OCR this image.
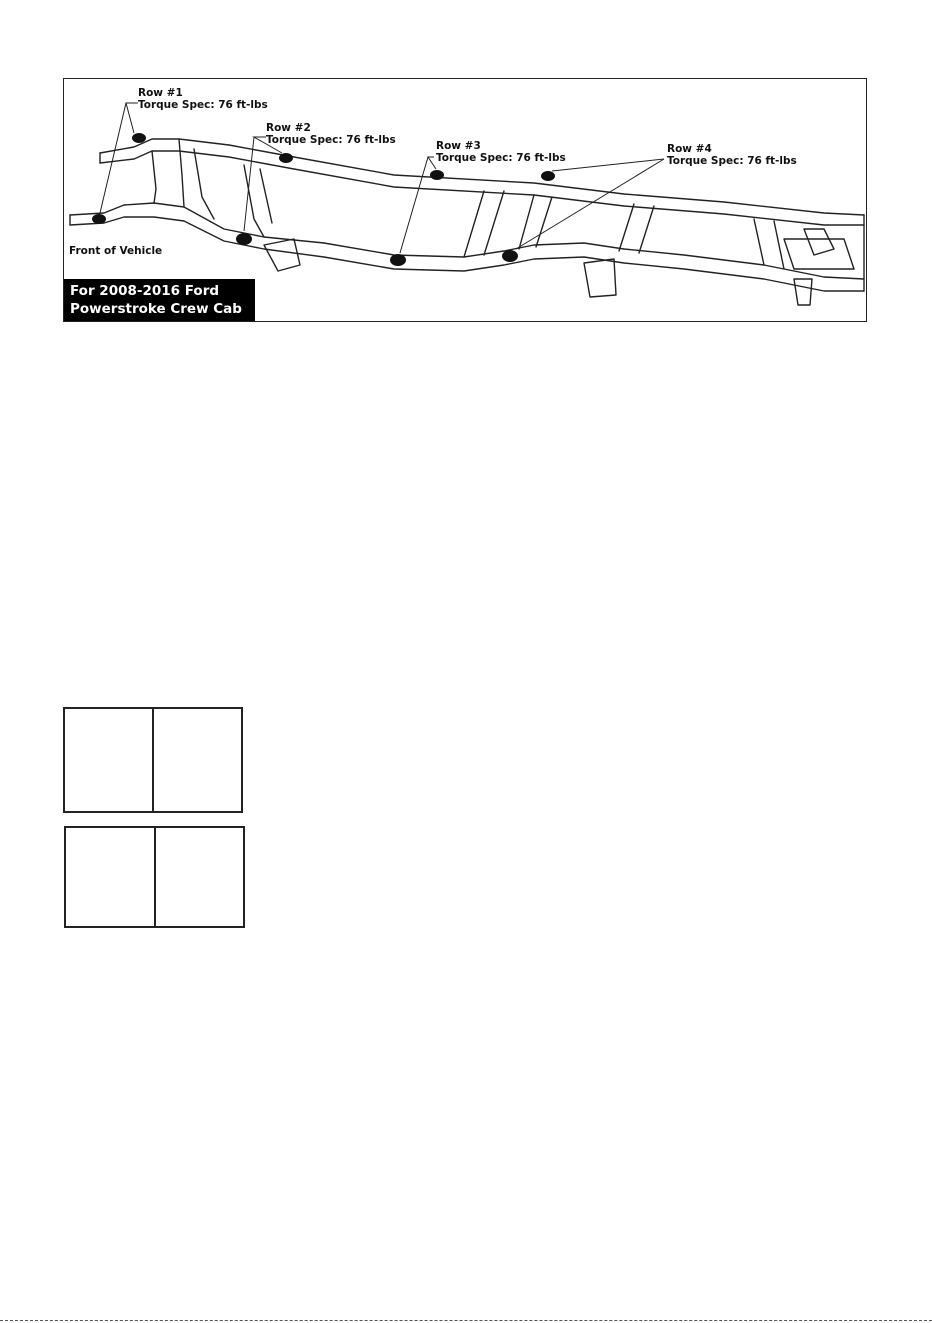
Row #1
Torque Spec: 76 ft-lbs
Row #2
Torque Spec: 76 ft-lbs	Row #3
Torque Spec: 76 ft-lbs
Row #4
Torque Spec: 76 ft-lbs
Front of Vehicle
For 2008-2016 Ford
Powerstroke Crew Cab
